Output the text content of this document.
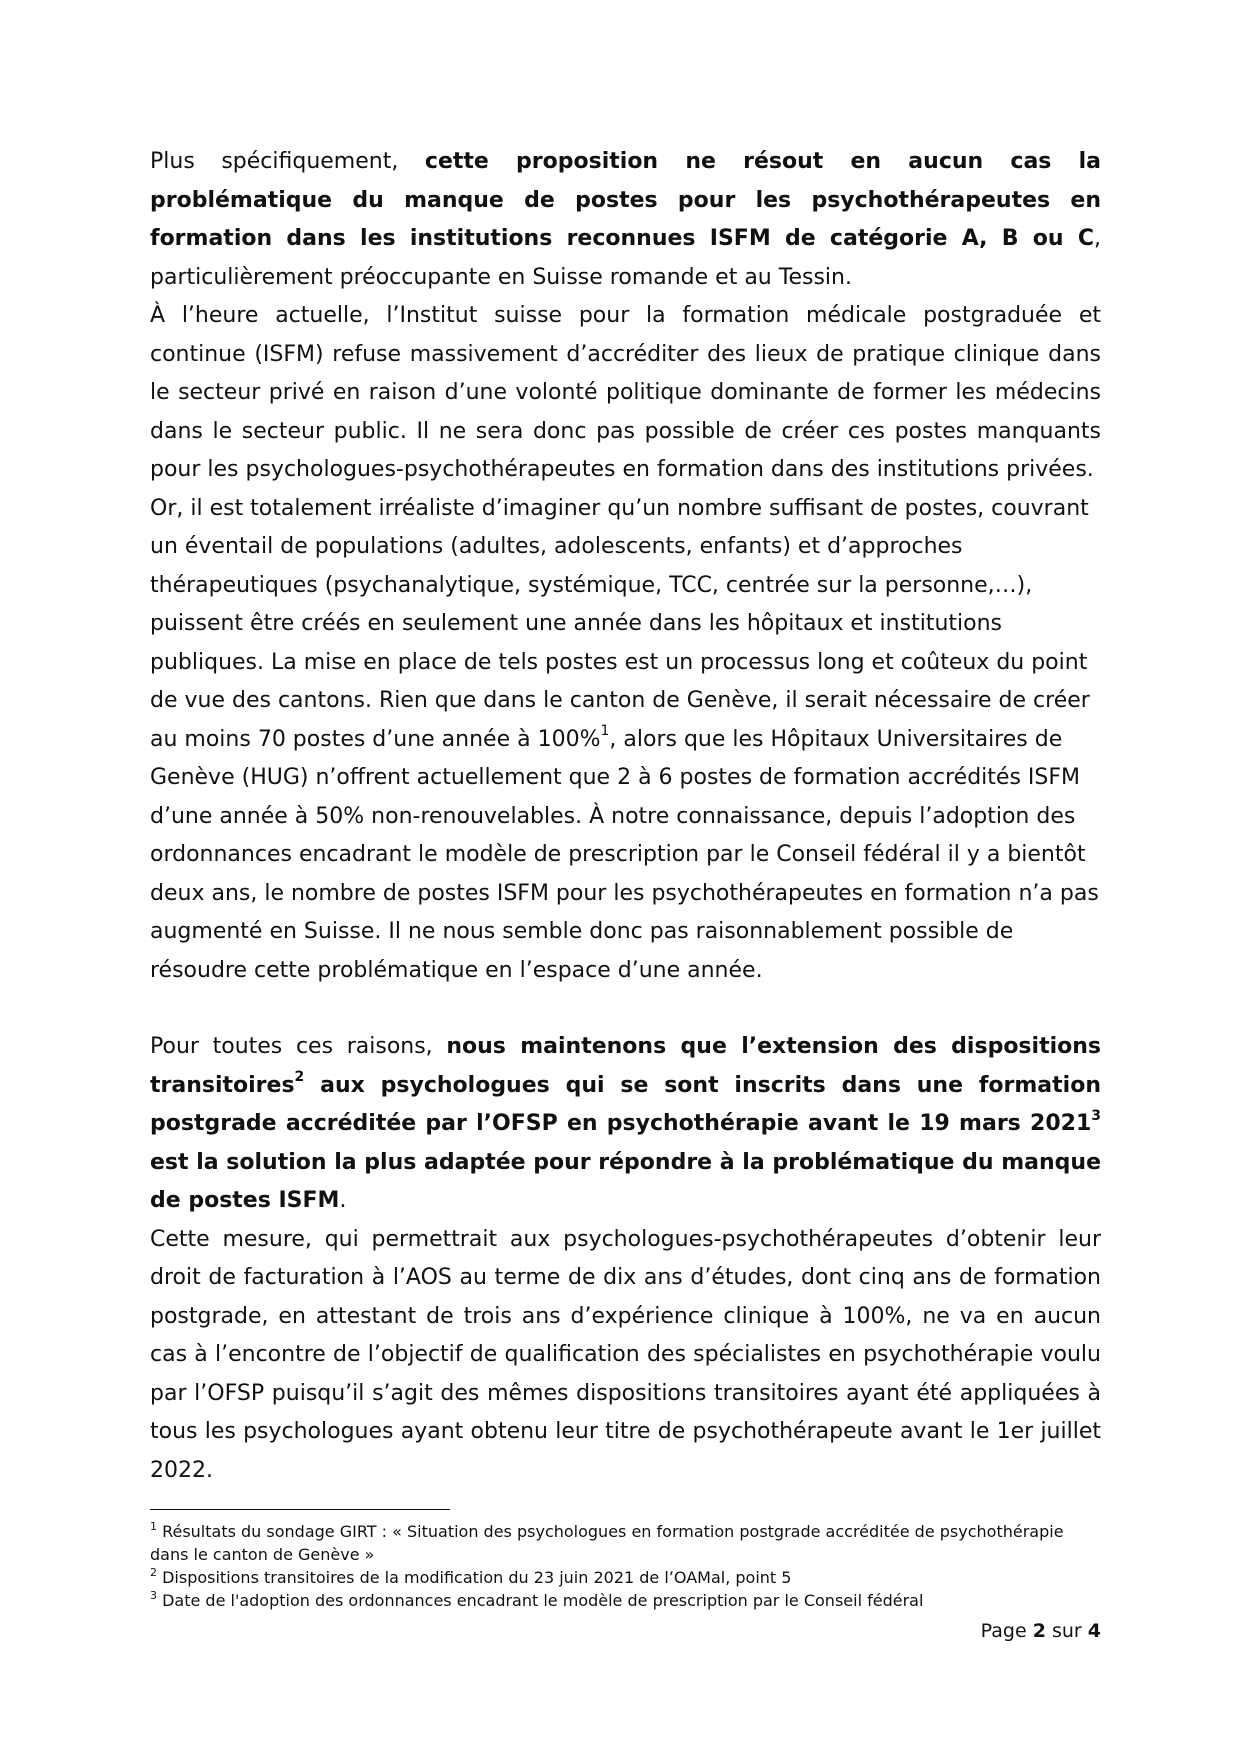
Plus spécifiquement, cette proposition ne résout en aucun cas la problématique du manque de postes pour les psychothérapeutes en formation dans les institutions reconnues ISFM de catégorie A, B ou C, particulièrement préoccupante en Suisse romande et au Tessin.

À l’heure actuelle, l’Institut suisse pour la formation médicale postgraduée et continue (ISFM) refuse massivement d’accréditer des lieux de pratique clinique dans le secteur privé en raison d’une volonté politique dominante de former les médecins dans le secteur public. Il ne sera donc pas possible de créer ces postes manquants pour les psychologues-psychothérapeutes en formation dans des institutions privées.

Or, il est totalement irréaliste d’imaginer qu’un nombre suffisant de postes, couvrant un éventail de populations (adultes, adolescents, enfants) et d’approches thérapeutiques (psychanalytique, systémique, TCC, centrée sur la personne,…), puissent être créés en seulement une année dans les hôpitaux et institutions publiques. La mise en place de tels postes est un processus long et coûteux du point de vue des cantons. Rien que dans le canton de Genève, il serait nécessaire de créer au moins 70 postes d’une année à 100%$^1$, alors que les Hôpitaux Universitaires de Genève (HUG) n’offrent actuellement que 2 à 6 postes de formation accrédités ISFM d’une année à 50% non-renouvelables. À notre connaissance, depuis l’adoption des ordonnances encadrant le modèle de prescription par le Conseil fédéral il y a bientôt deux ans, le nombre de postes ISFM pour les psychothérapeutes en formation n’a pas augmenté en Suisse. Il ne nous semble donc pas raisonnablement possible de résoudre cette problématique en l’espace d’une année.

Pour toutes ces raisons, nous maintenons que l’extension des dispositions transitoires$^2$ aux psychologues qui se sont inscrits dans une formation postgrade accréditée par l’OFSP en psychothérapie avant le 19 mars 2021$^3$ est la solution la plus adaptée pour répondre à la problématique du manque de postes ISFM.

Cette mesure, qui permettrait aux psychologues-psychothérapeutes d’obtenir leur droit de facturation à l’AOS au terme de dix ans d’études, dont cinq ans de formation postgrade, en attestant de trois ans d’expérience clinique à 100%, ne va en aucun cas à l’encontre de l’objectif de qualification des spécialistes en psychothérapie voulu par l’OFSP puisqu’il s’agit des mêmes dispositions transitoires ayant été appliquées à tous les psychologues ayant obtenu leur titre de psychothérapeute avant le 1er juillet 2022.

$^1$ Résultats du sondage GIRT : « Situation des psychologues en formation postgrade accréditée de psychothérapie dans le canton de Genève »

$^2$ Dispositions transitoires de la modification du 23 juin 2021 de l’OAMal, point 5

$^3$ Date de l'adoption des ordonnances encadrant le modèle de prescription par le Conseil fédéral

Page 2 sur 4
